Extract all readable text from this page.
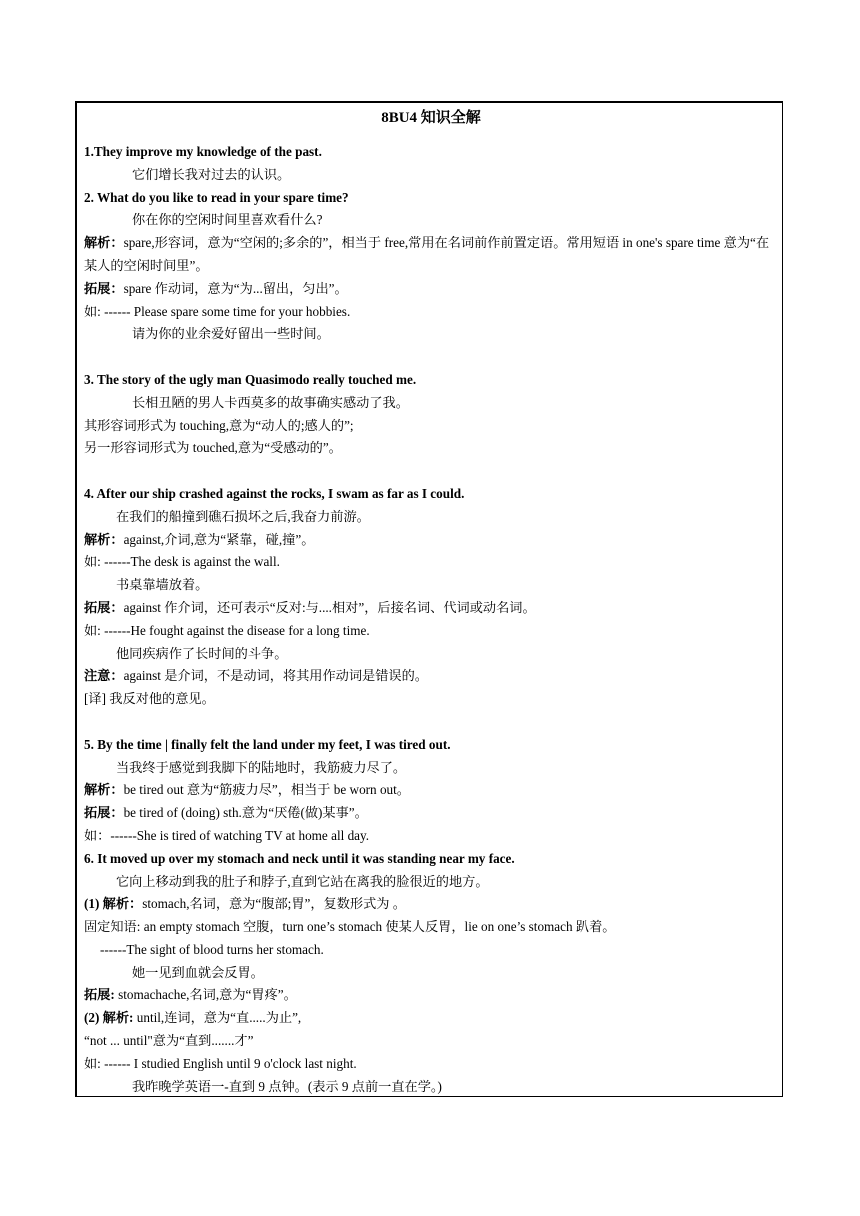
8BU4 知识全解
1.They improve my knowledge of the past.
它们增长我对过去的认识。
2. What do you like to read in your spare time?
你在你的空闲时间里喜欢看什么?
解析：spare,形容词，意为“空闲的;多余的”，相当于 free,常用在名词前作前置定语。常用短语 in one's spare time 意为“在某人的空闲时间里”。
拓展：spare 作动词，意为“为...留出，匀出”。
如: ------ Please spare some time for your hobbies.
请为你的业余爱好留出一些时间。
3. The story of the ugly man Quasimodo really touched me.
长相丑陋的男人卡西莫多的故事确实感动了我。
其形容词形式为 touching,意为“动人的;感人的”;
另一形容词形式为 touched,意为“受感动的”。
4. After our ship crashed against the rocks, I swam as far as I could.
在我们的船撞到礁石损坏之后,我奋力前游。
解析：against,介词,意为“紧靠，碰,撞”。
如: ------The desk is against the wall.
书桌靠墙放着。
拓展：against 作介词，还可表示“反对:与....相对”，后接名词、代词或动名词。
如: ------He fought against the disease for a long time.
他同疾病作了长时间的斗争。
注意：against 是介词，不是动词，将其用作动词是错误的。
[译] 我反对他的意见。
5. By the time | finally felt the land under my feet, I was tired out.
当我终于感觉到我脚下的陆地时，我筋疲力尽了。
解析：be tired out 意为“筋疲力尽”，相当于 be worn out。
拓展：be tired of (doing) sth.意为“厌倦(做)某事”。
如：------She is tired of watching TV at home all day.
6. It moved up over my stomach and neck until it was standing near my face.
它向上移动到我的肚子和脖子,直到它站在离我的脸很近的地方。
(1) 解析：stomach,名词，意为“腹部;胃”，复数形式为 。
固定知语: an empty stomach 空腹，turn one’s stomach 使某人反胃，lie on one’s stomach 趴着。
------The sight of blood turns her stomach.
她一见到血就会反胃。
拓展: stomachache,名词,意为“胃疼”。
(2) 解析: until,连词，意为“直.....为止”,
“not ... until"意为“直到.......才”
如: ------ I studied English until 9 o'clock last night.
我昨晚学英语一-直到 9 点钟。(表示 9 点前一直在学。)
